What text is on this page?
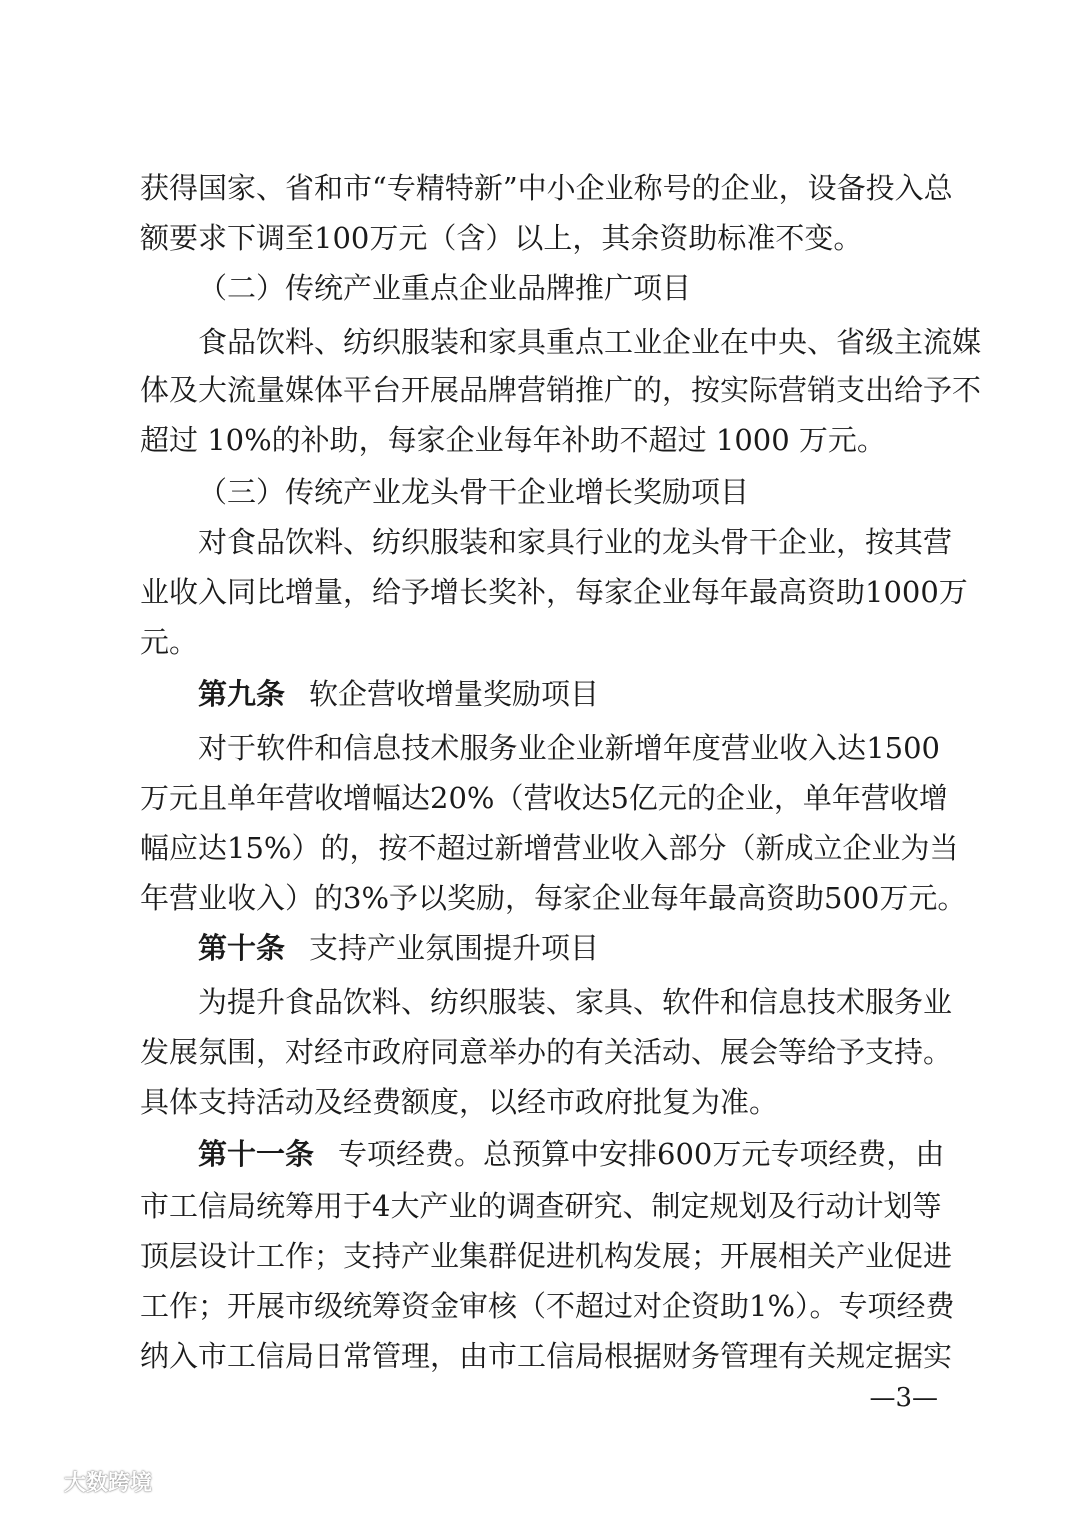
获得国家、省和市“专精特新”中小企业称号的企业，设备投入总
额要求下调至100万元（含）以上，其余资助标准不变。
（二）传统产业重点企业品牌推广项目
食品饮料、纺织服装和家具重点工业企业在中央、省级主流媒
体及大流量媒体平台开展品牌营销推广的，按实际营销支出给予不
超过 10%的补助，每家企业每年补助不超过 1000 万元。
（三）传统产业龙头骨干企业增长奖励项目
对食品饮料、纺织服装和家具行业的龙头骨干企业，按其营
业收入同比增量，给予增长奖补，每家企业每年最高资助1000万
元。
第九条 软企营收增量奖励项目
对于软件和信息技术服务业企业新增年度营业收入达1500
万元且单年营收增幅达20%（营收达5亿元的企业，单年营收增
幅应达15%）的，按不超过新增营业收入部分（新成立企业为当
年营业收入）的3%予以奖励，每家企业每年最高资助500万元。
第十条 支持产业氛围提升项目
为提升食品饮料、纺织服装、家具、软件和信息技术服务业
发展氛围，对经市政府同意举办的有关活动、展会等给予支持。
具体支持活动及经费额度，以经市政府批复为准。
第十一条 专项经费。总预算中安排600万元专项经费，由
市工信局统筹用于4大产业的调查研究、制定规划及行动计划等
顶层设计工作；支持产业集群促进机构发展；开展相关产业促进
工作；开展市级统筹资金审核（不超过对企资助1%）。专项经费
纳入市工信局日常管理，由市工信局根据财务管理有关规定据实
—3—
大数跨境
